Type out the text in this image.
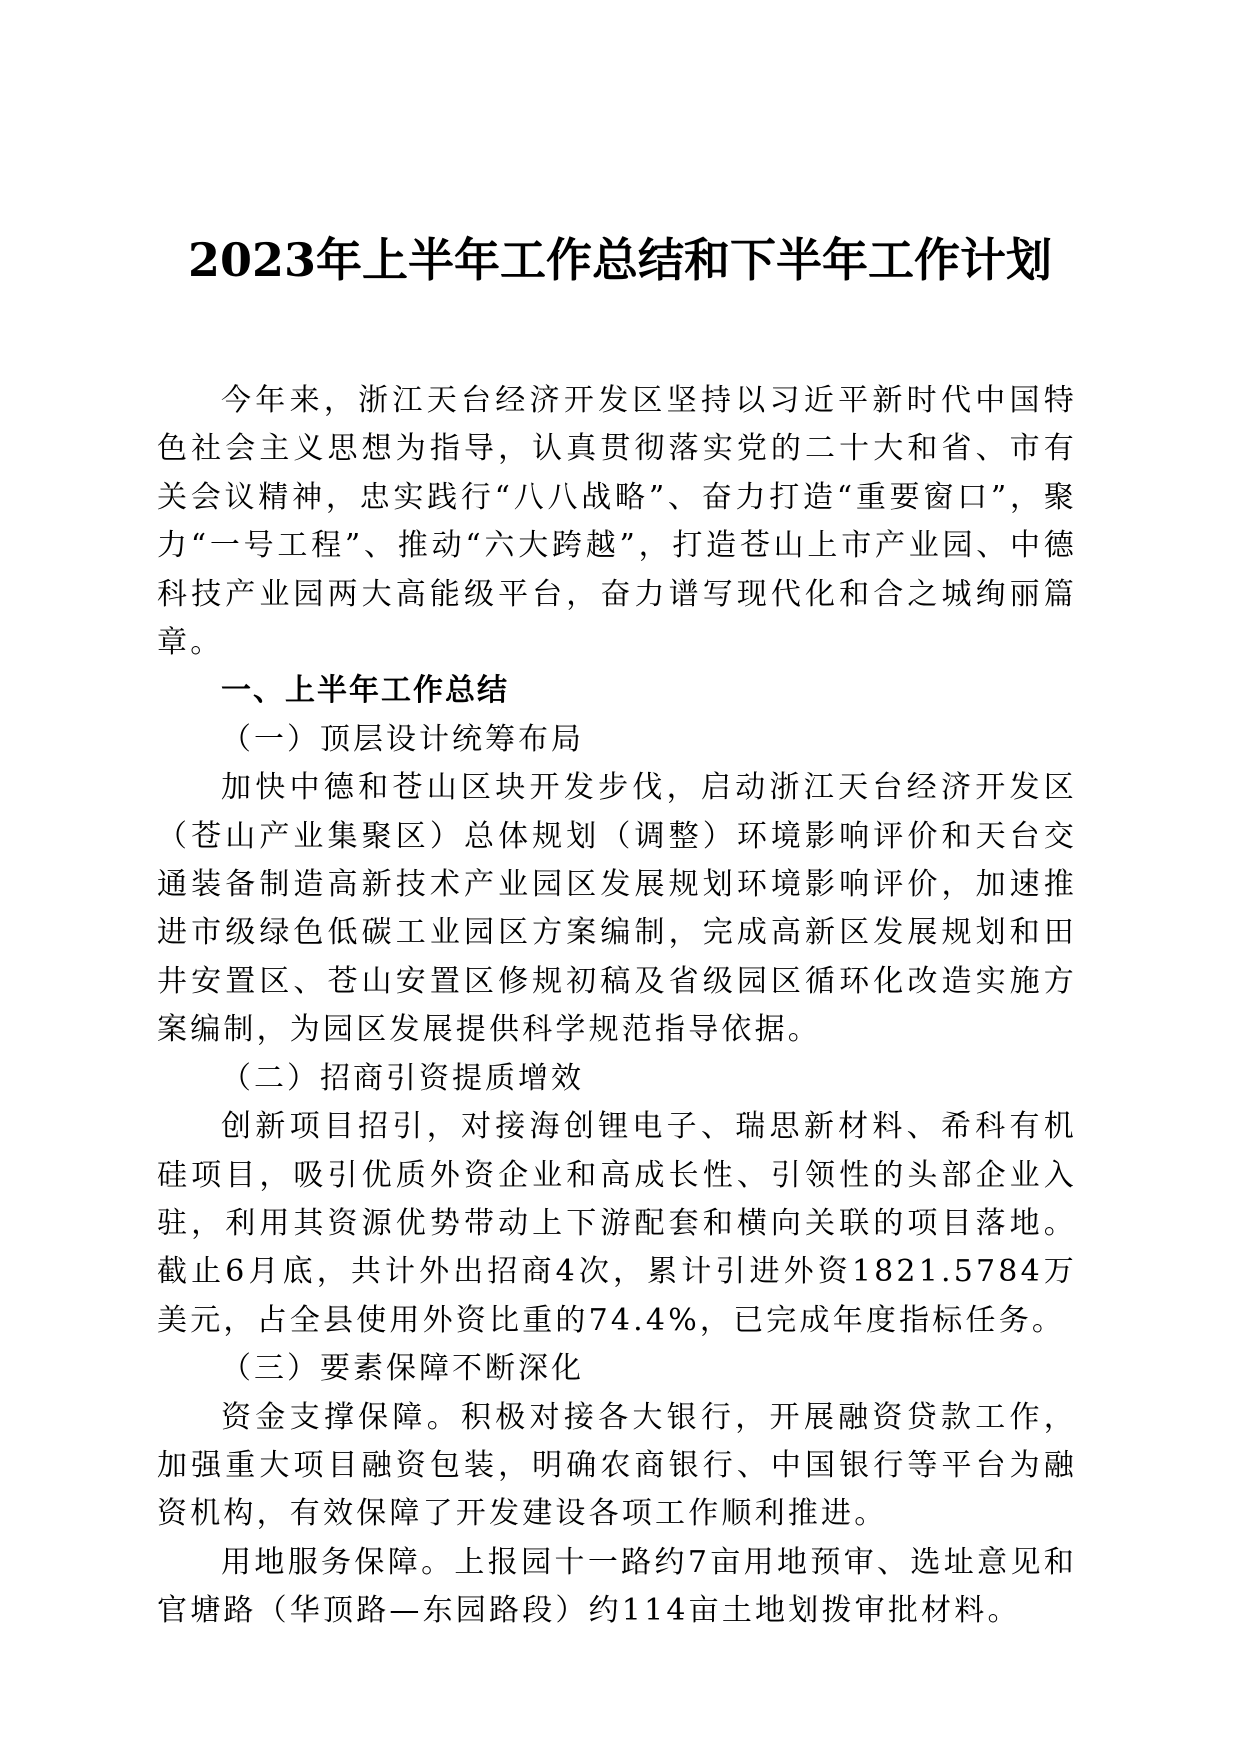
2023年上半年工作总结和下半年工作计划

今年来，浙江天台经济开发区坚持以习近平新时代中国特色社会主义思想为指导，认真贯彻落实党的二十大和省、市有关会议精神，忠实践行“八八战略”、奋力打造“重要窗口”，聚力“一号工程”、推动“六大跨越”，打造苍山上市产业园、中德科技产业园两大高能级平台，奋力谱写现代化和合之城绚丽篇章。

一、上半年工作总结

（一）顶层设计统筹布局

加快中德和苍山区块开发步伐，启动浙江天台经济开发区（苍山产业集聚区）总体规划（调整）环境影响评价和天台交通装备制造高新技术产业园区发展规划环境影响评价，加速推进市级绿色低碳工业园区方案编制，完成高新区发展规划和田井安置区、苍山安置区修规初稿及省级园区循环化改造实施方案编制，为园区发展提供科学规范指导依据。

（二）招商引资提质增效

创新项目招引，对接海创锂电子、瑞思新材料、希科有机硅项目，吸引优质外资企业和高成长性、引领性的头部企业入驻，利用其资源优势带动上下游配套和横向关联的项目落地。截止6月底，共计外出招商4次，累计引进外资1821.5784万美元，占全县使用外资比重的74.4%，已完成年度指标任务。

（三）要素保障不断深化

资金支撑保障。积极对接各大银行，开展融资贷款工作，加强重大项目融资包装，明确农商银行、中国银行等平台为融资机构，有效保障了开发建设各项工作顺利推进。

用地服务保障。上报园十一路约7亩用地预审、选址意见和官塘路（华顶路—东园路段）约114亩土地划拨审批材料。
